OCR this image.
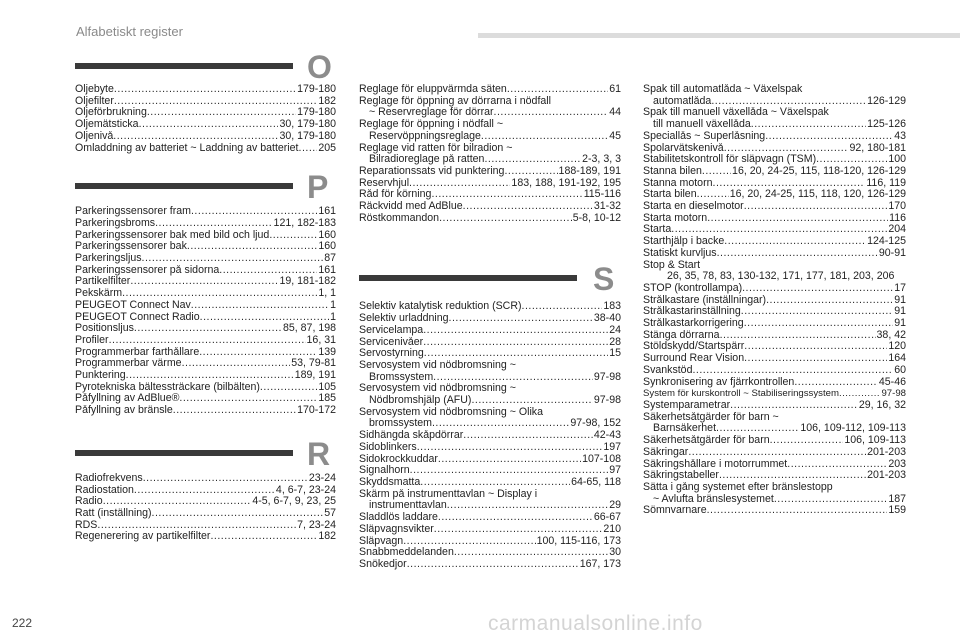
Alfabetiskt register
O
Oljebyte .....	179-180
Oljefilter .....	182
Oljeförbrukning .....	179-180
Oljemätsticka .....	30, 179-180
Oljenivå .....	30, 179-180
Omladdning av batteriet ~ Laddning av batteriet ..... 205
P
Parkeringssensorer fram .....	161
Parkeringsbroms .....	121, 182-183
Parkeringssensorer bak med bild och ljud .....	160
Parkeringssensorer bak .....	160
Parkeringsljus .....	87
Parkeringssensorer på sidorna .....	161
Partikelfilter .....	19, 181-182
Pekskärm .....	1, 1
PEUGEOT Connect Nav .....	1
PEUGEOT Connect Radio .....	1
Positionsljus .....	85, 87, 198
Profiler .....	16, 31
Programmerbar farthållare .....	139
Programmerbar värme .....	53, 79-81
Punktering .....	189, 191
Pyrotekniska bältessträckare (bilbälten) .....	105
Påfyllning av AdBlue® .....	185
Påfyllning av bränsle .....	170-172
R
Radiofrekvens .....	23-24
Radiostation .....	4, 6-7, 23-24
Radio .....	4-5, 6-7, 9, 23, 25
Ratt (inställning) .....	57
RDS .....	7, 23-24
Regenerering av partikelfilter .....	182
Reglage för eluppvärmda säten .....	61
Reglage för öppning av dörrarna i nödfall
~ Reservreglage för dörrar .....	44
Reglage för öppning i nödfall ~
Reservöppningsreglage .....	45
Reglage vid ratten för bilradion ~
Bilradioreglage på ratten .....	2-3, 3, 3
Reparationssats vid punktering .....	188-189, 191
Reservhjul .....	183, 188, 191-192, 195
Råd för körning .....	115-116
Räckvidd med AdBlue .....	31-32
Röstkommandon .....	5-8, 10-12
S
Selektiv katalytisk reduktion (SCR) .....	183
Selektiv urladdning .....	38-40
Servicelampa .....	24
Servicenivåer .....	28
Servostyrning .....	15
Servosystem vid nödbromsning ~
Bromssystem .....	97-98
Servosystem vid nödbromsning ~
Nödbromshjälp (AFU) .....	97-98
Servosystem vid nödbromsning ~ Olika
bromssystem .....	97-98, 152
Sidhängda skåpdörrar .....	42-43
Sidoblinkers .....	197
Sidokrockkuddar .....	107-108
Signalhorn .....	97
Skyddsmatta .....	64-65, 118
Skärm på instrumenttavlan ~ Display i
instrumenttavlan .....	29
Sladdlös laddare .....	66-67
Släpvagnsvikter .....	210
Släpvagn .....	100, 115-116, 173
Snabbmeddelanden .....	30
Snökedjor .....	167, 173
Spak till automatlåda ~ Växelspak
automatlåda .....	126-129
Spak till manuell växellåda ~ Växelspak
till manuell växellåda .....	125-126
Speciallås ~ Superlåsning .....	43
Spolarvätskenivå .....	92, 180-181
Stabilitetskontroll för släpvagn (TSM) .....	100
Stanna bilen .....	16, 20, 24-25, 115, 118-120, 126-129
Stanna motorn .....	116, 119
Starta bilen .....	16, 20, 24-25, 115, 118, 120, 126-129
Starta en dieselmotor .....	170
Starta motorn .....	116
Starta .....	204
Starthjälp i backe .....	124-125
Statiskt kurvljus .....	90-91
Stop & Start
26, 35, 78, 83, 130-132, 171, 177, 181, 203, 206
STOP (kontrollampa) .....	17
Strålkastare (inställningar) .....	91
Strålkastarinställning .....	91
Strålkastarkorrigering .....	91
Stänga dörrarna .....	38, 42
Stöldskydd/Startspärr .....	120
Surround Rear Vision .....	164
Svankstöd .....	60
Synkronisering av fjärrkontrollen .....	45-46
System för kurskontroll ~ Stabiliseringssystem .....	97-98
Systemparametrar .....	29, 16, 32
Säkerhetsåtgärder för barn ~
Barnsäkerhet .....	106, 109-112, 109-113
Säkerhetsåtgärder för barn .....	106, 109-113
Säkringar .....	201-203
Säkringshållare i motorrummet .....	203
Säkringstabeller .....	201-203
Sätta i gång systemet efter bränslestopp
~ Avlufta bränslesystemet .....	187
Sömnvarnare .....	159
222	carmanualsonline.info
